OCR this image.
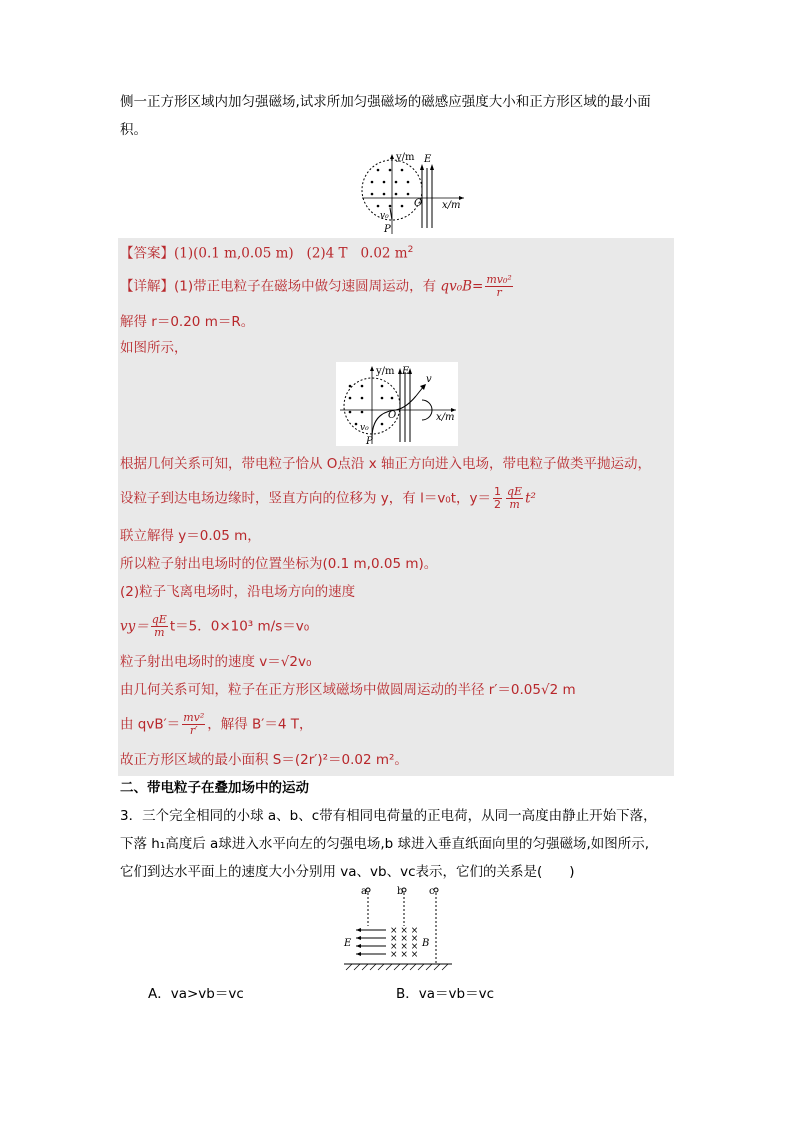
侧一正方形区域内加匀强磁场,试求所加匀强磁场的磁感应强度大小和正方形区域的最小面
积。
y/m E
x/m
O
P
v₀
【答案】(1)(0.1 m,0.05 m) (2)4 T 0.02 $m^2$
【详解】(1)带正电粒子在磁场中做匀速圆周运动，有 $qv_0B= \frac{\text{mv₀²}}{r}$
解得 r＝0.20 m＝R。
如图所示，
y/m E
x/m
O
P
v
v₀
根据几何关系可知，带电粒子恰从 O点沿 x 轴正方向进入电场，带电粒子做类平抛运动，
设粒子到达电场边缘时，竖直方向的位移为 y，有 l＝v₀t，$y= \frac{1}{2} \frac{qE}{m} t^2$
联立解得 y＝0.05 m，
所以粒子射出电场时的位置坐标为(0.1 m,0.05 m)。
(2)粒子飞离电场时，沿电场方向的速度
$vy= \frac{qE}{m} t=5$．0×10³ m/s＝v₀
粒子射出电场时的速度 v＝√2v₀
由几何关系可知，粒子在正方形区域磁场中做圆周运动的半径 r′＝0.05√2 m
由 $qvB'= \frac{\text{mv²}}{r'}$ ，解得 B′＝4 T，
故正方形区域的最小面积 S＝(2r′)²＝0.02 m²。
二、带电粒子在叠加场中的运动
3．三个完全相同的小球 a、b、c带有相同电荷量的正电荷，从同一高度由静止开始下落，
下落 h₁高度后 a球进入水平向左的匀强电场,b 球进入垂直纸面向里的匀强磁场,如图所示,
它们到达水平面上的速度大小分别用 va、vb、vc表示，它们的关系是(　　)
× × ×
× × ×
× × ×
× × ×
a	b	c
E	B
A．va>vb＝vc	B．va＝vb＝vc
